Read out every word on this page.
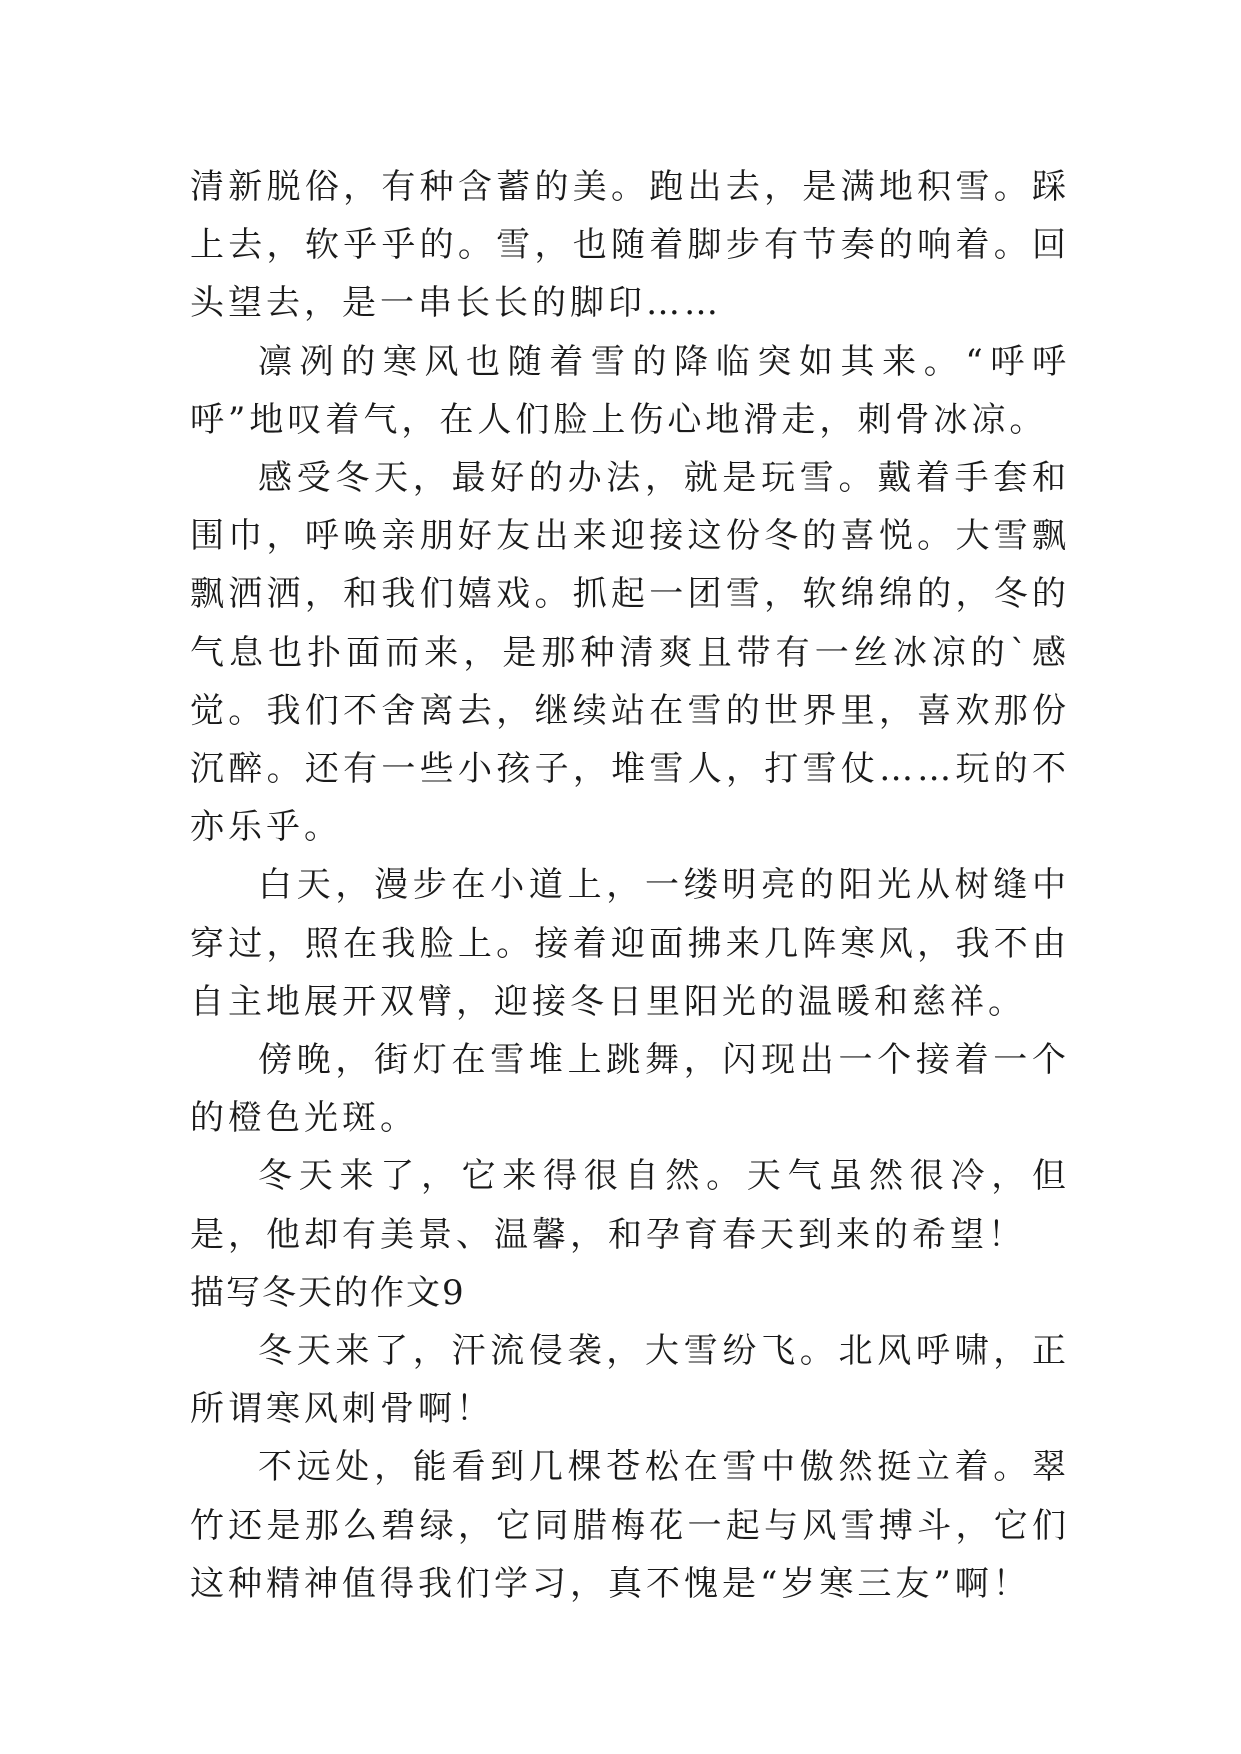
清新脱俗，有种含蓄的美。跑出去，是满地积雪。踩上去，软乎乎的。雪，也随着脚步有节奏的响着。回头望去，是一串长长的脚印……

凛冽的寒风也随着雪的降临突如其来。“呼呼呼”地叹着气，在人们脸上伤心地滑走，刺骨冰凉。

感受冬天，最好的办法，就是玩雪。戴着手套和围巾，呼唤亲朋好友出来迎接这份冬的喜悦。大雪飘飘洒洒，和我们嬉戏。抓起一团雪，软绵绵的，冬的气息也扑面而来，是那种清爽且带有一丝冰凉的`感觉。我们不舍离去，继续站在雪的世界里，喜欢那份沉醉。还有一些小孩子，堆雪人，打雪仗……玩的不亦乐乎。

白天，漫步在小道上，一缕明亮的阳光从树缝中穿过，照在我脸上。接着迎面拂来几阵寒风，我不由自主地展开双臂，迎接冬日里阳光的温暖和慈祥。

傍晚，街灯在雪堆上跳舞，闪现出一个接着一个的橙色光斑。

冬天来了，它来得很自然。天气虽然很冷，但是，他却有美景、温馨，和孕育春天到来的希望！

描写冬天的作文9

冬天来了，汗流侵袭，大雪纷飞。北风呼啸，正所谓寒风刺骨啊！

不远处，能看到几棵苍松在雪中傲然挺立着。翠竹还是那么碧绿，它同腊梅花一起与风雪搏斗，它们这种精神值得我们学习，真不愧是“岁寒三友”啊！
